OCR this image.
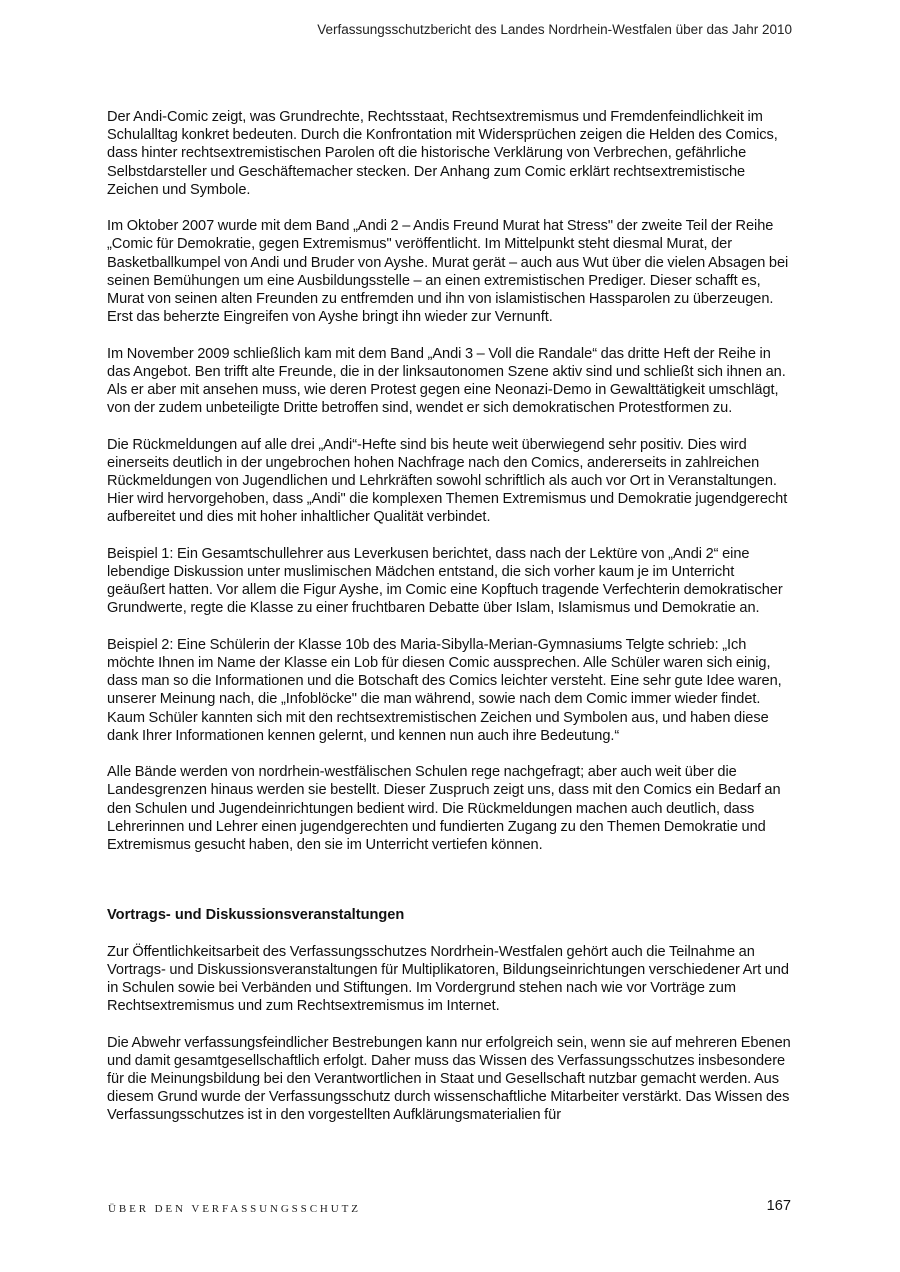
Verfassungsschutzbericht des Landes Nordrhein-Westfalen über das Jahr 2010

Der Andi-Comic zeigt, was Grundrechte, Rechtsstaat, Rechtsextremismus und Fremdenfeindlichkeit im Schulalltag konkret bedeuten. Durch die Konfrontation mit Widersprüchen zeigen die Helden des Comics, dass hinter rechtsextremistischen Parolen oft die historische Verklärung von Verbrechen, gefährliche Selbstdarsteller und Geschäftemacher stecken. Der Anhang zum Comic erklärt rechtsextremistische Zeichen und Symbole.

Im Oktober 2007 wurde mit dem Band „Andi 2 – Andis Freund Murat hat Stress" der zweite Teil der Reihe „Comic für Demokratie, gegen Extremismus" veröffentlicht. Im Mittelpunkt steht diesmal Murat, der Basketballkumpel von Andi und Bruder von Ayshe. Murat gerät – auch aus Wut über die vielen Absagen bei seinen Bemühungen um eine Ausbildungsstelle – an einen extremistischen Prediger. Dieser schafft es, Murat von seinen alten Freunden zu entfremden und ihn von islamistischen Hassparolen zu überzeugen. Erst das beherzte Eingreifen von Ayshe bringt ihn wieder zur Vernunft.

Im November 2009 schließlich kam mit dem Band „Andi 3 – Voll die Randale“ das dritte Heft der Reihe in das Angebot. Ben trifft alte Freunde, die in der linksautonomen Szene aktiv sind und schließt sich ihnen an. Als er aber mit ansehen muss, wie deren Protest gegen eine Neonazi-Demo in Gewalttätigkeit umschlägt, von der zudem unbeteiligte Dritte betroffen sind, wendet er sich demokratischen Protestformen zu.

Die Rückmeldungen auf alle drei „Andi“-Hefte sind bis heute weit überwiegend sehr positiv. Dies wird einerseits deutlich in der ungebrochen hohen Nachfrage nach den Comics, andererseits in zahlreichen Rückmeldungen von Jugendlichen und Lehrkräften sowohl schriftlich als auch vor Ort in Veranstaltungen. Hier wird hervorgehoben, dass „Andi" die komplexen Themen Extremismus und Demokratie jugendgerecht aufbereitet und dies mit hoher inhaltlicher Qualität verbindet.

Beispiel 1: Ein Gesamtschullehrer aus Leverkusen berichtet, dass nach der Lektüre von „Andi 2“ eine lebendige Diskussion unter muslimischen Mädchen entstand, die sich vorher kaum je im Unterricht geäußert hatten. Vor allem die Figur Ayshe, im Comic eine Kopftuch tragende Verfechterin demokratischer Grundwerte, regte die Klasse zu einer fruchtbaren Debatte über Islam, Islamismus und Demokratie an.

Beispiel 2: Eine Schülerin der Klasse 10b des Maria-Sibylla-Merian-Gymnasiums Telgte schrieb: „Ich möchte Ihnen im Name der Klasse ein Lob für diesen Comic aussprechen. Alle Schüler waren sich einig, dass man so die Informationen und die Botschaft des Comics leichter versteht. Eine sehr gute Idee waren, unserer Meinung nach, die „Infoblöcke" die man während, sowie nach dem Comic immer wieder findet. Kaum Schüler kannten sich mit den rechtsextremistischen Zeichen und Symbolen aus, und haben diese dank Ihrer Informationen kennen gelernt, und kennen nun auch ihre Bedeutung.“

Alle Bände werden von nordrhein-westfälischen Schulen rege nachgefragt; aber auch weit über die Landesgrenzen hinaus werden sie bestellt. Dieser Zuspruch zeigt uns, dass mit den Comics ein Bedarf an den Schulen und Jugendeinrichtungen bedient wird. Die Rückmeldungen machen auch deutlich, dass Lehrerinnen und Lehrer einen jugendgerechten und fundierten Zugang zu den Themen Demokratie und Extremismus gesucht haben, den sie im Unterricht vertiefen können.

Vortrags- und Diskussionsveranstaltungen

Zur Öffentlichkeitsarbeit des Verfassungsschutzes Nordrhein-Westfalen gehört auch die Teilnahme an Vortrags- und Diskussionsveranstaltungen für Multiplikatoren, Bildungseinrichtungen verschiedener Art und in Schulen sowie bei Verbänden und Stiftungen. Im Vordergrund stehen nach wie vor Vorträge zum Rechtsextremismus und zum Rechtsextremismus im Internet.

Die Abwehr verfassungsfeindlicher Bestrebungen kann nur erfolgreich sein, wenn sie auf mehreren Ebenen und damit gesamtgesellschaftlich erfolgt. Daher muss das Wissen des Verfassungsschutzes insbesondere für die Meinungsbildung bei den Verantwortlichen in Staat und Gesellschaft nutzbar gemacht werden. Aus diesem Grund wurde der Verfassungsschutz durch wissenschaftliche Mitarbeiter verstärkt. Das Wissen des Verfassungsschutzes ist in den vorgestellten Aufklärungsmaterialien für

ÜBER DEN VERFASSUNGSSCHUTZ	167
